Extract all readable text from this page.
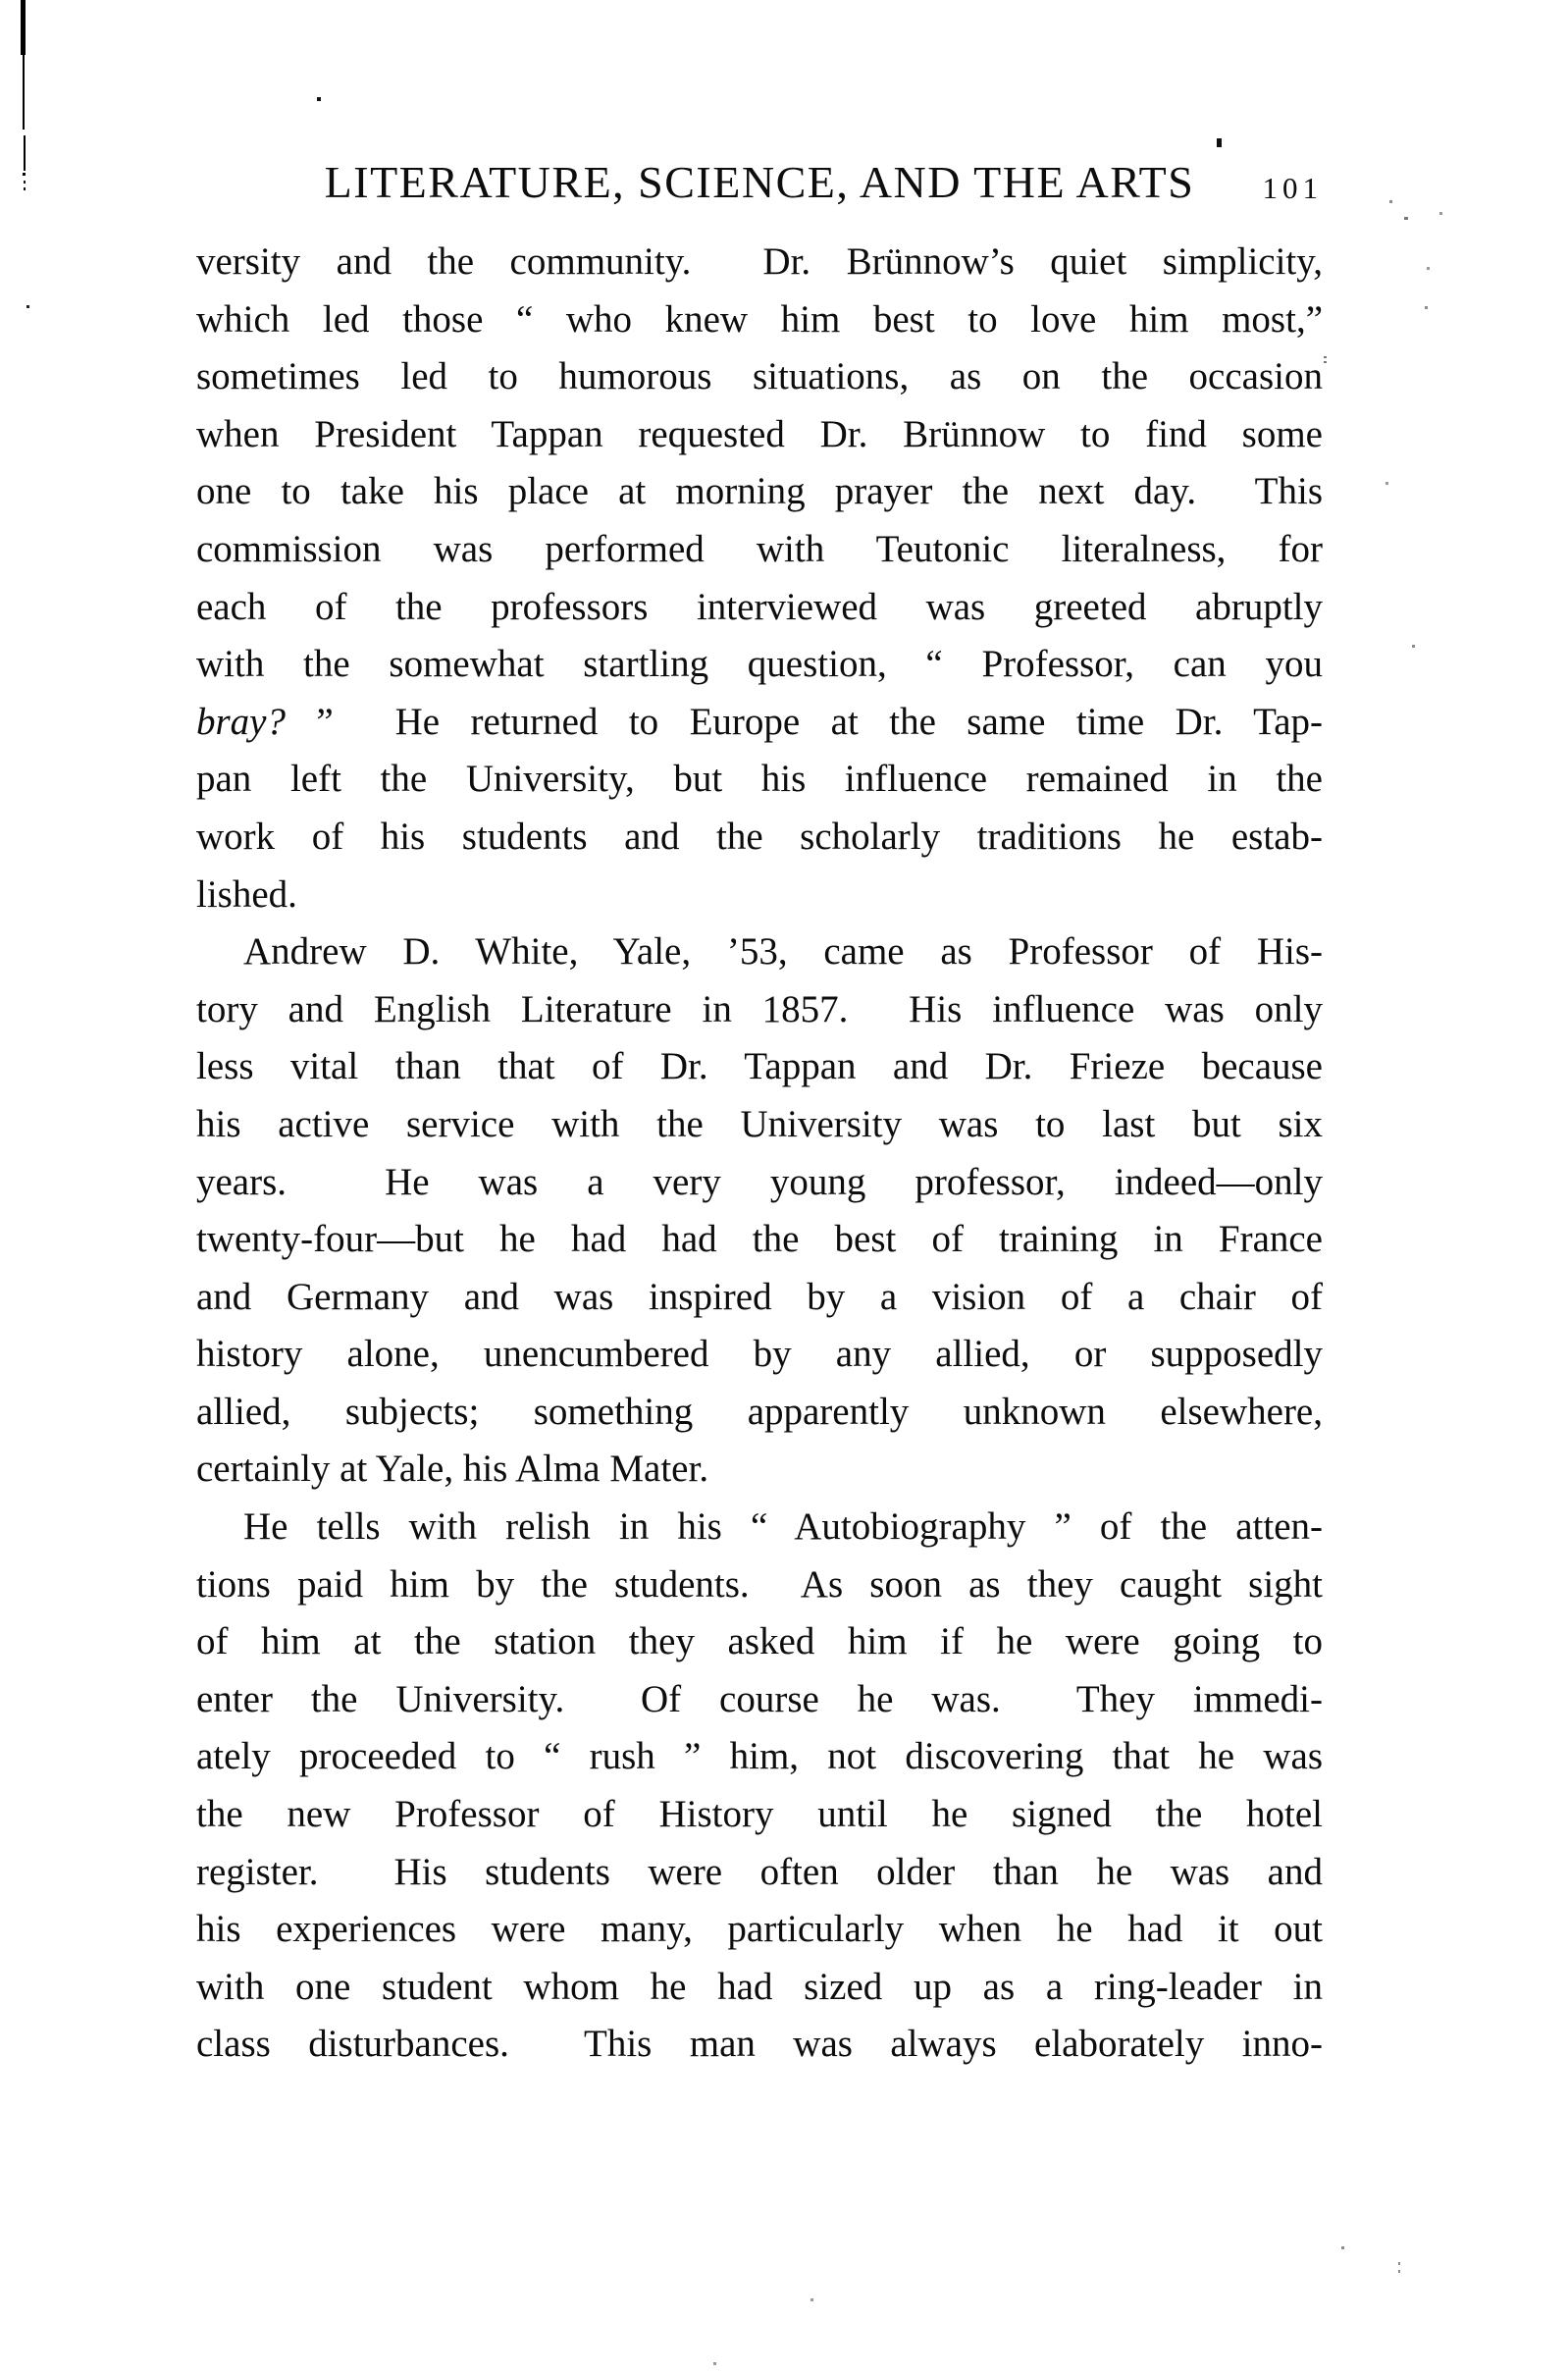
LITERATURE, SCIENCE, AND THE ARTS	101
versity and the community.  Dr. Brünnow’s quiet simplicity,
which led those “ who knew him best to love him most,”
sometimes led to humorous situations, as on the occasion
when President Tappan requested Dr. Brünnow to find some
one to take his place at morning prayer the next day.  This
commission was performed with Teutonic literalness, for
each of the professors interviewed was greeted abruptly
with the somewhat startling question, “ Professor, can you
bray? ”  He returned to Europe at the same time Dr. Tap-
pan left the University, but his influence remained in the
work of his students and the scholarly traditions he estab-
lished.
Andrew D. White, Yale, ’53, came as Professor of His-
tory and English Literature in 1857.  His influence was only
less vital than that of Dr. Tappan and Dr. Frieze because
his active service with the University was to last but six
years.  He was a very young professor, indeed—only
twenty-four—but he had had the best of training in France
and Germany and was inspired by a vision of a chair of
history alone, unencumbered by any allied, or supposedly
allied, subjects; something apparently unknown elsewhere,
certainly at Yale, his Alma Mater.
He tells with relish in his “ Autobiography ” of the atten-
tions paid him by the students.  As soon as they caught sight
of him at the station they asked him if he were going to
enter the University.  Of course he was.  They immedi-
ately proceeded to “ rush ” him, not discovering that he was
the new Professor of History until he signed the hotel
register.  His students were often older than he was and
his experiences were many, particularly when he had it out
with one student whom he had sized up as a ring-leader in
class disturbances.  This man was always elaborately inno-
